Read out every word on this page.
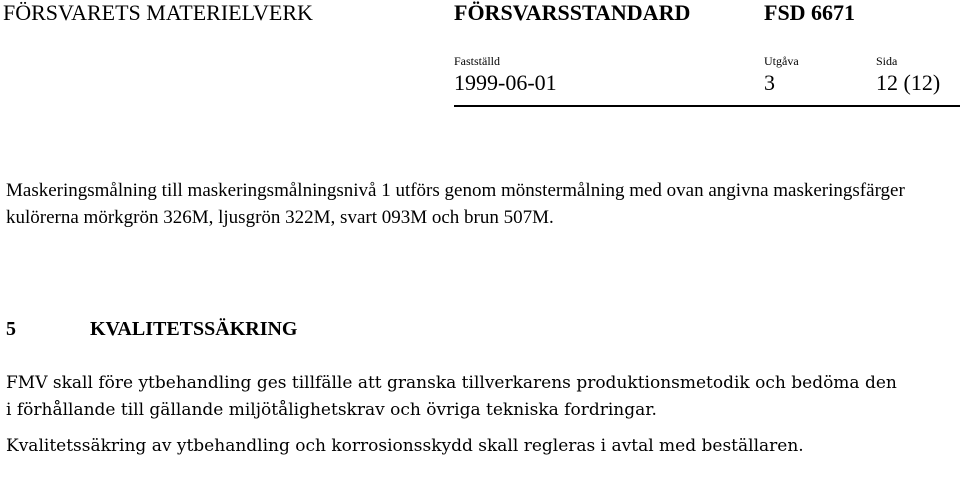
FÖRSVARETS MATERIELVERK	FÖRSVARSSTANDARD	FSD 6671
Fastställd	Utgåva	Sida
1999-06-01	3	12 (12)

Maskeringsmålning till maskeringsmålningsnivå 1 utförs genom mönstermålning med ovan angivna maskeringsfärger kulörerna mörkgrön 326M, ljusgrön 322M, svart 093M och brun 507M.

5	KVALITETSSÄKRING

FMV skall före ytbehandling ges tillfälle att granska tillverkarens produktionsmetodik och bedöma den i förhållande till gällande miljötålighetskrav och övriga tekniska fordringar.

Kvalitetssäkring av ytbehandling och korrosionsskydd skall regleras i avtal med beställaren.
